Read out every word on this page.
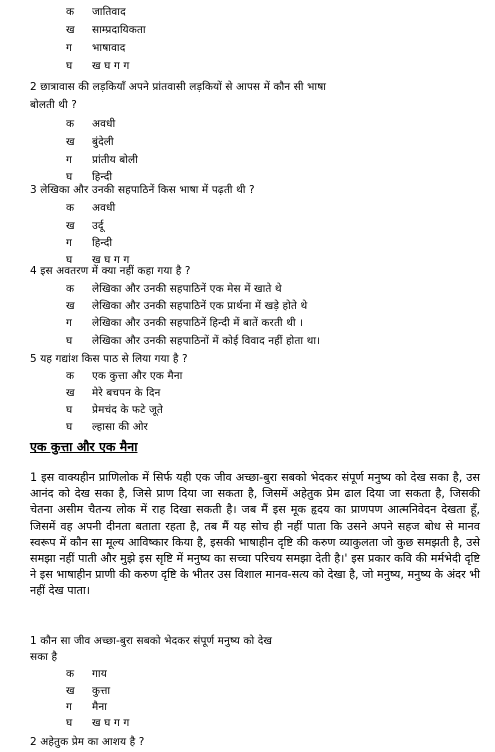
क जातिवाद
ख साम्प्रदायिकता
ग भाषावाद
घ ख घ ग ग
2 छात्रावास की लड़कियाँ अपने प्रांतवासी लड़कियों से आपस में कौन सी भाषा
बोलती थी ?
क अवधी
ख बुंदेली
ग प्रांतीय बोली
घ हिन्दी
3 लेखिका और उनकी सहपाठिनें किस भाषा में पढ़ती थी ?
क अवधी
ख उर्दू
ग हिन्दी
घ ख घ ग ग
4 इस अवतरण में क्या नहीं कहा गया है ?
क लेखिका और उनकी सहपाठिनें एक मेस में खाते थे
ख लेखिका और उनकी सहपाठिनें एक प्रार्थना में खड़े होते थे
ग लेखिका और उनकी सहपाठिनें हिन्दी में बातें करती थी ।
घ लेखिका और उनकी सहपाठिनों में कोई विवाद नहीं होता था।
5 यह गद्यांश किस पाठ से लिया गया है ?
क एक कुत्ता और एक मैना
ख मेरे बचपन के दिन
घ प्रेमचंद के फटे जूते
घ ल्हासा की ओर
एक कुत्ता और एक मैना
1 इस वाक्यहीन प्राणिलोक में सिर्फ यही एक जीव अच्छा-बुरा सबको भेदकर संपूर्ण मनुष्य को देख सका है, उस आनंद को देख सका है, जिसे प्राण दिया जा सकता है, जिसमें अहेतुक प्रेम ढाल दिया जा सकता है, जिसकी चेतना असीम चैतन्य लोक में राह दिखा सकती है। जब मैं इस मूक हृदय का प्राणपण आत्मनिवेदन देखता हूँ, जिसमें वह अपनी दीनता बताता रहता है, तब मैं यह सोच ही नहीं पाता कि उसने अपने सहज बोध से मानव स्वरूप में कौन सा मूल्य आविष्कार किया है, इसकी भाषाहीन दृष्टि की करुण व्याकुलता जो कुछ समझती है, उसे समझा नहीं पाती और मुझे इस सृष्टि में मनुष्य का सच्चा परिचय समझा देती है।' इस प्रकार कवि की मर्मभेदी दृष्टि ने इस भाषाहीन प्राणी की करुण दृष्टि के भीतर उस विशाल मानव-सत्य को देखा है, जो मनुष्य, मनुष्य के अंदर भी नहीं देख पाता।
1 कौन सा जीव अच्छा-बुरा सबको भेदकर संपूर्ण मनुष्य को देख
सका है
क गाय
ख कुत्ता
ग मैना
घ ख घ ग ग
2 अहेतुक प्रेम का आशय है ?
